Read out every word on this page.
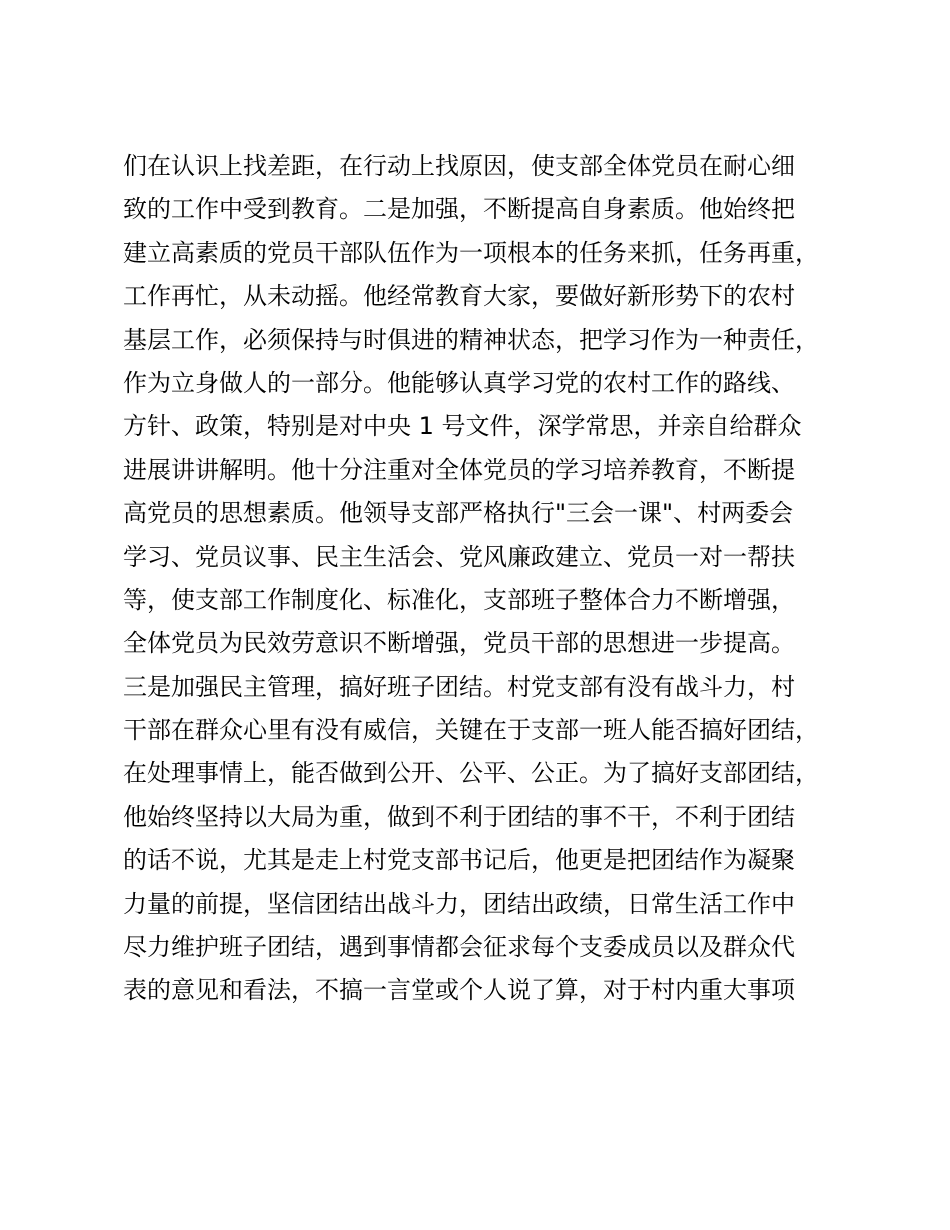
们在认识上找差距，在行动上找原因，使支部全体党员在耐心细
致的工作中受到教育。二是加强，不断提高自身素质。他始终把
建立高素质的党员干部队伍作为一项根本的任务来抓，任务再重，
工作再忙，从未动摇。他经常教育大家，要做好新形势下的农村
基层工作，必须保持与时俱进的精神状态，把学习作为一种责任，
作为立身做人的一部分。他能够认真学习党的农村工作的路线、
方针、政策，特别是对中央 1 号文件，深学常思，并亲自给群众
进展讲讲解明。他十分注重对全体党员的学习培养教育，不断提
高党员的思想素质。他领导支部严格执行"三会一课"、村两委会
学习、党员议事、民主生活会、党风廉政建立、党员一对一帮扶
等，使支部工作制度化、标准化，支部班子整体合力不断增强，
全体党员为民效劳意识不断增强，党员干部的思想进一步提高。
三是加强民主管理，搞好班子团结。村党支部有没有战斗力，村
干部在群众心里有没有威信，关键在于支部一班人能否搞好团结，
在处理事情上，能否做到公开、公平、公正。为了搞好支部团结，
他始终坚持以大局为重，做到不利于团结的事不干，不利于团结
的话不说，尤其是走上村党支部书记后，他更是把团结作为凝聚
力量的前提，坚信团结出战斗力，团结出政绩，日常生活工作中
尽力维护班子团结，遇到事情都会征求每个支委成员以及群众代
表的意见和看法，不搞一言堂或个人说了算，对于村内重大事项
